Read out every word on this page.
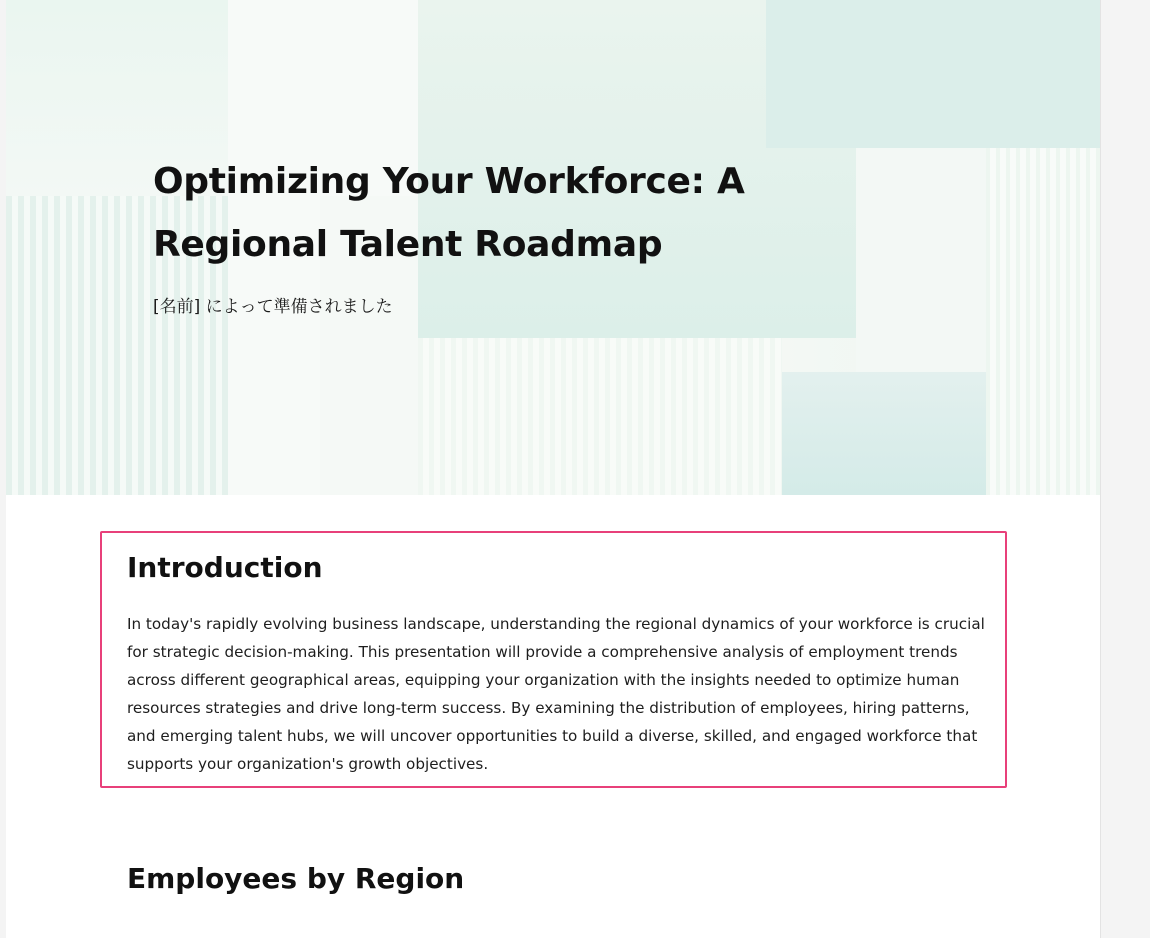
Optimizing Your Workforce: A Regional Talent Roadmap

[名前] によって準備されました

Introduction

In today's rapidly evolving business landscape, understanding the regional dynamics of your workforce is crucial for strategic decision-making. This presentation will provide a comprehensive analysis of employment trends across different geographical areas, equipping your organization with the insights needed to optimize human resources strategies and drive long-term success. By examining the distribution of employees, hiring patterns, and emerging talent hubs, we will uncover opportunities to build a diverse, skilled, and engaged workforce that supports your organization's growth objectives.

Employees by Region
